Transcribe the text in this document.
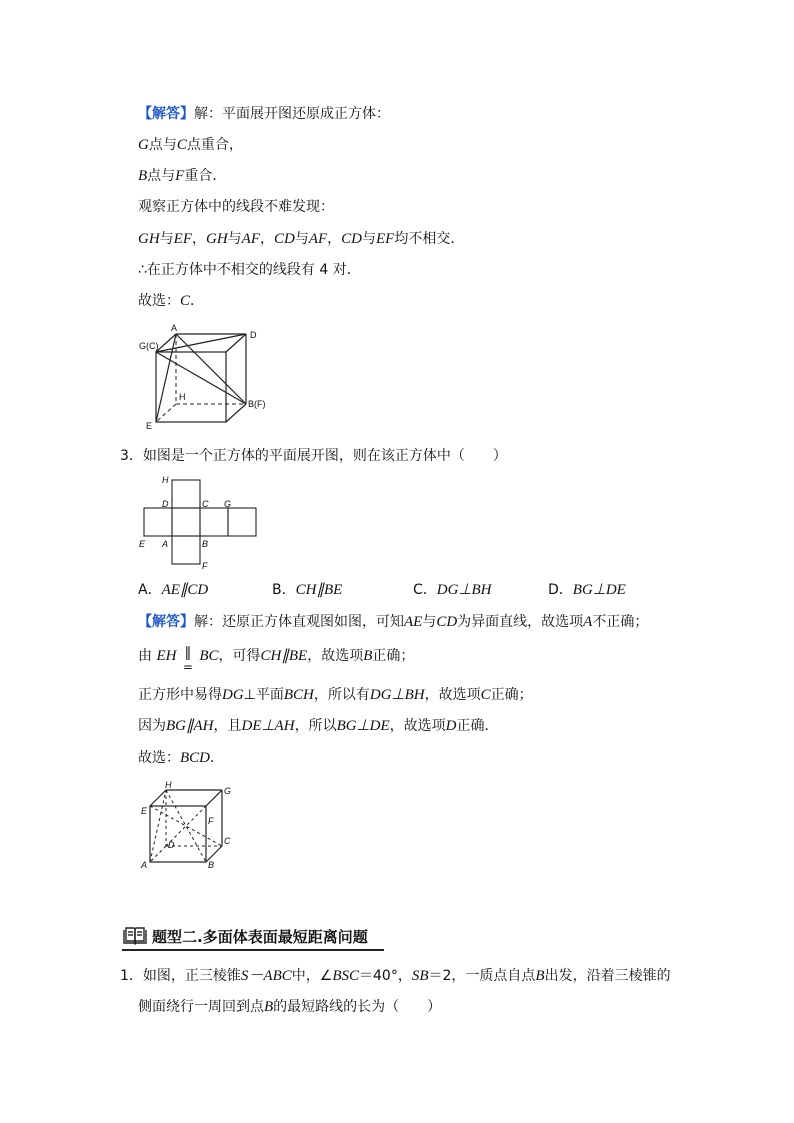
【解答】解：平面展开图还原成正方体：
G点与C点重合，
B点与F重合．
观察正方体中的线段不难发现：
GH与EF，GH与AF，CD与AF，CD与EF均不相交．
∴在正方体中不相交的线段有 4 对．
故选：C．
A
D
G(C)
H
B(F)
E
3．如图是一个正方体的平面展开图，则在该正方体中（　　）
H
D	C G
E A	B
F
A．AE∥CD	B．CH∥BE	C．DG⊥BH	D．BG⊥DE
【解答】解：还原正方体直观图如图，可知AE与CD为异面直线，故选项A不正确；
由 EH ∥
=
BC，可得CH∥BE，故选项B正确；
正方形中易得DG⊥平面BCH，所以有DG⊥BH，故选项C正确；
因为BG∥AH，且DE⊥AH，所以BG⊥DE，故选项D正确．
故选：BCD．
H
G
E
F
D	C
A	B
题型二.多面体表面最短距离问题
1．如图，正三棱锥S－ABC中，∠BSC＝40°，SB＝2，一质点自点B出发，沿着三棱锥的
侧面绕行一周回到点B的最短路线的长为（　　）
